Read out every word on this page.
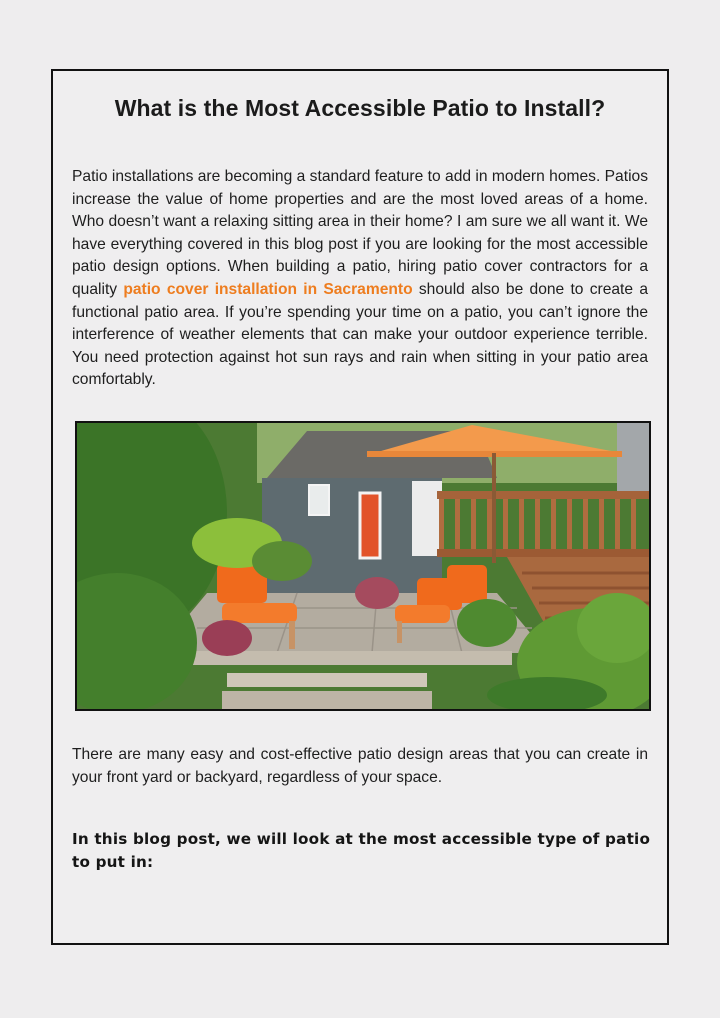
What is the Most Accessible Patio to Install?

Patio installations are becoming a standard feature to add in modern homes. Patios increase the value of home properties and are the most loved areas of a home. Who doesn’t want a relaxing sitting area in their home? I am sure we all want it. We have everything covered in this blog post if you are looking for the most accessible patio design options. When building a patio, hiring patio cover contractors for a quality patio cover installation in Sacramento should also be done to create a functional patio area. If you’re spending your time on a patio, you can’t ignore the interference of weather elements that can make your outdoor experience terrible. You need protection against hot sun rays and rain when sitting in your patio area comfortably.

There are many easy and cost-effective patio design areas that you can create in your front yard or backyard, regardless of your space.

In this blog post, we will look at the most accessible type of patio to put in:
